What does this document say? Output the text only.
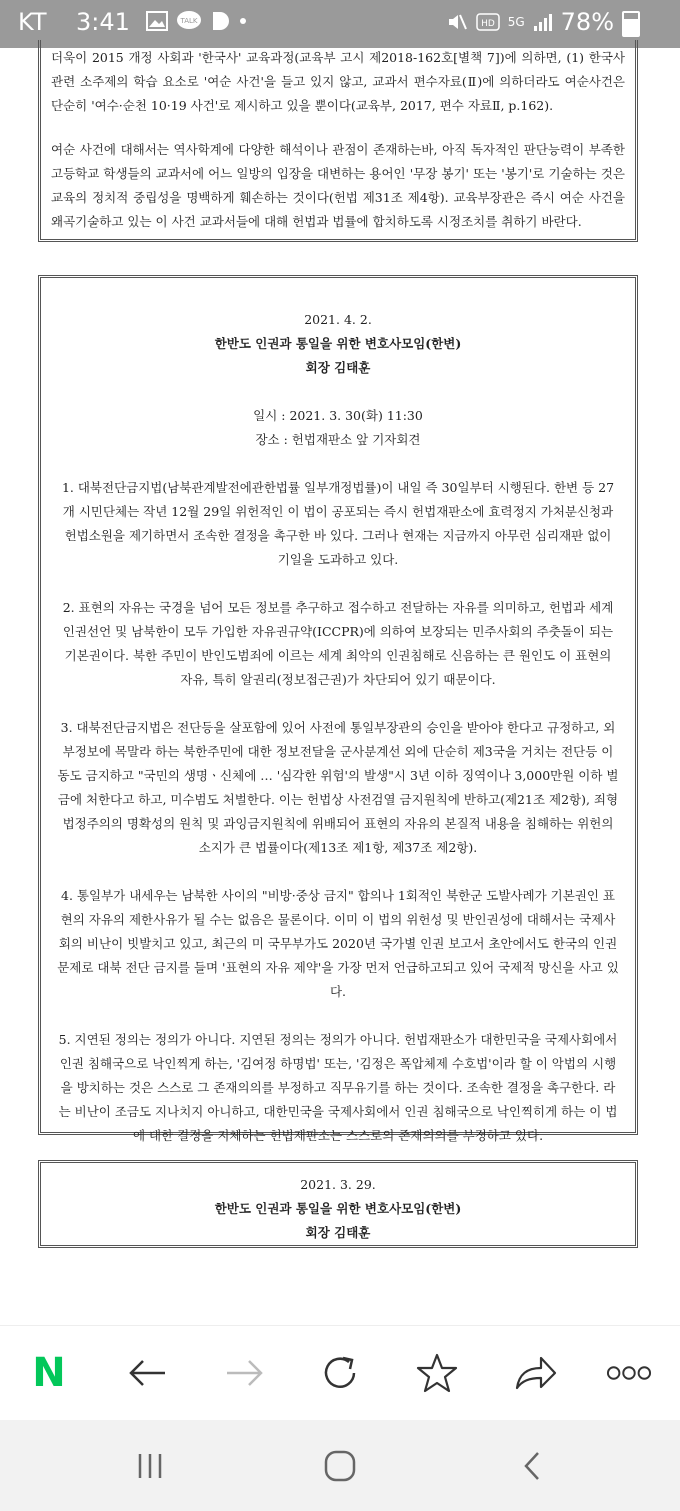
KT 3:41	TALK	HD 5G 78%

더욱이 2015 개정 사회과 '한국사' 교육과정(교육부 고시 제2018-162호[별책 7])에 의하면, (1) 한국사 관련 소주제의 학습 요소로 '여순 사건'을 들고 있지 않고, 교과서 편수자료(Ⅱ)에 의하더라도 여순사건은 단순히 '여수·순천 10·19 사건'로 제시하고 있을 뿐이다(교육부, 2017, 편수 자료Ⅱ, p.162).

여순 사건에 대해서는 역사학계에 다양한 해석이나 관점이 존재하는바, 아직 독자적인 판단능력이 부족한 고등학교 학생들의 교과서에 어느 일방의 입장을 대변하는 용어인 '무장 봉기' 또는 '봉기'로 기술하는 것은 교육의 정치적 중립성을 명백하게 훼손하는 것이다(헌법 제31조 제4항). 교육부장관은 즉시 여순 사건을 왜곡기술하고 있는 이 사건 교과서들에 대해 헌법과 법률에 합치하도록 시정조치를 취하기 바란다.

2021. 4. 2.

한반도 인권과 통일을 위한 변호사모임(한변)

회장 김태훈

일시 : 2021. 3. 30(화) 11:30

장소 : 헌법재판소 앞 기자회견

1. 대북전단금지법(남북관계발전에관한법률 일부개정법률)이 내일 즉 30일부터 시행된다. 한변 등 27개 시민단체는 작년 12월 29일 위헌적인 이 법이 공포되는 즉시 헌법재판소에 효력정지 가처분신청과 헌법소원을 제기하면서 조속한 결정을 촉구한 바 있다. 그러나 현재는 지금까지 아무런 심리재판 없이 기일을 도과하고 있다.

2. 표현의 자유는 국경을 넘어 모든 정보를 추구하고 접수하고 전달하는 자유를 의미하고, 헌법과 세계인권선언 및 남북한이 모두 가입한 자유권규약(ICCPR)에 의하여 보장되는 민주사회의 주춧돌이 되는 기본권이다. 북한 주민이 반인도범죄에 이르는 세계 최악의 인권침해로 신음하는 큰 원인도 이 표현의 자유, 특히 알권리(정보접근권)가 차단되어 있기 때문이다.

3. 대북전단금지법은 전단등을 살포함에 있어 사전에 통일부장관의 승인을 받아야 한다고 규정하고, 외부정보에 목말라 하는 북한주민에 대한 정보전달을 군사분계선 외에 단순히 제3국을 거치는 전단등 이동도 금지하고 "국민의 생명ㆍ신체에 … '심각한 위험'의 발생"시 3년 이하 징역이나 3,000만원 이하 벌금에 처한다고 하고, 미수범도 처벌한다. 이는 헌법상 사전검열 금지원칙에 반하고(제21조 제2항), 죄형법정주의의 명확성의 원칙 및 과잉금지원칙에 위배되어 표현의 자유의 본질적 내용을 침해하는 위헌의 소지가 큰 법률이다(제13조 제1항, 제37조 제2항).

4. 통일부가 내세우는 남북한 사이의 "비방·중상 금지" 합의나 1회적인 북한군 도발사례가 기본권인 표현의 자유의 제한사유가 될 수는 없음은 물론이다. 이미 이 법의 위헌성 및 반인권성에 대해서는 국제사회의 비난이 빗발치고 있고, 최근의 미 국무부가도 2020년 국가별 인권 보고서 초안에서도 한국의 인권 문제로 대북 전단 금지를 들며 '표현의 자유 제약'을 가장 먼저 언급하고되고 있어 국제적 망신을 사고 있다.

5. 지연된 정의는 정의가 아니다. 지연된 정의는 정의가 아니다. 헌법재판소가 대한민국을 국제사회에서 인권 침해국으로 낙인찍게 하는, '김여정 하명법' 또는, '김정은 폭압체제 수호법'이라 할 이 악법의 시행을 방치하는 것은 스스로 그 존재의의를 부정하고 직무유기를 하는 것이다. 조속한 결정을 촉구한다. 라는 비난이 조금도 지나치지 아니하고, 대한민국을 국제사회에서 인권 침해국으로 낙인찍히게 하는 이 법에 대한 결정을 지체하는 헌법재판소는 스스로의 존재의의를 부정하고 있다.

2021. 3. 29.

한반도 인권과 통일을 위한 변호사모임(한변)

회장 김태훈

N
